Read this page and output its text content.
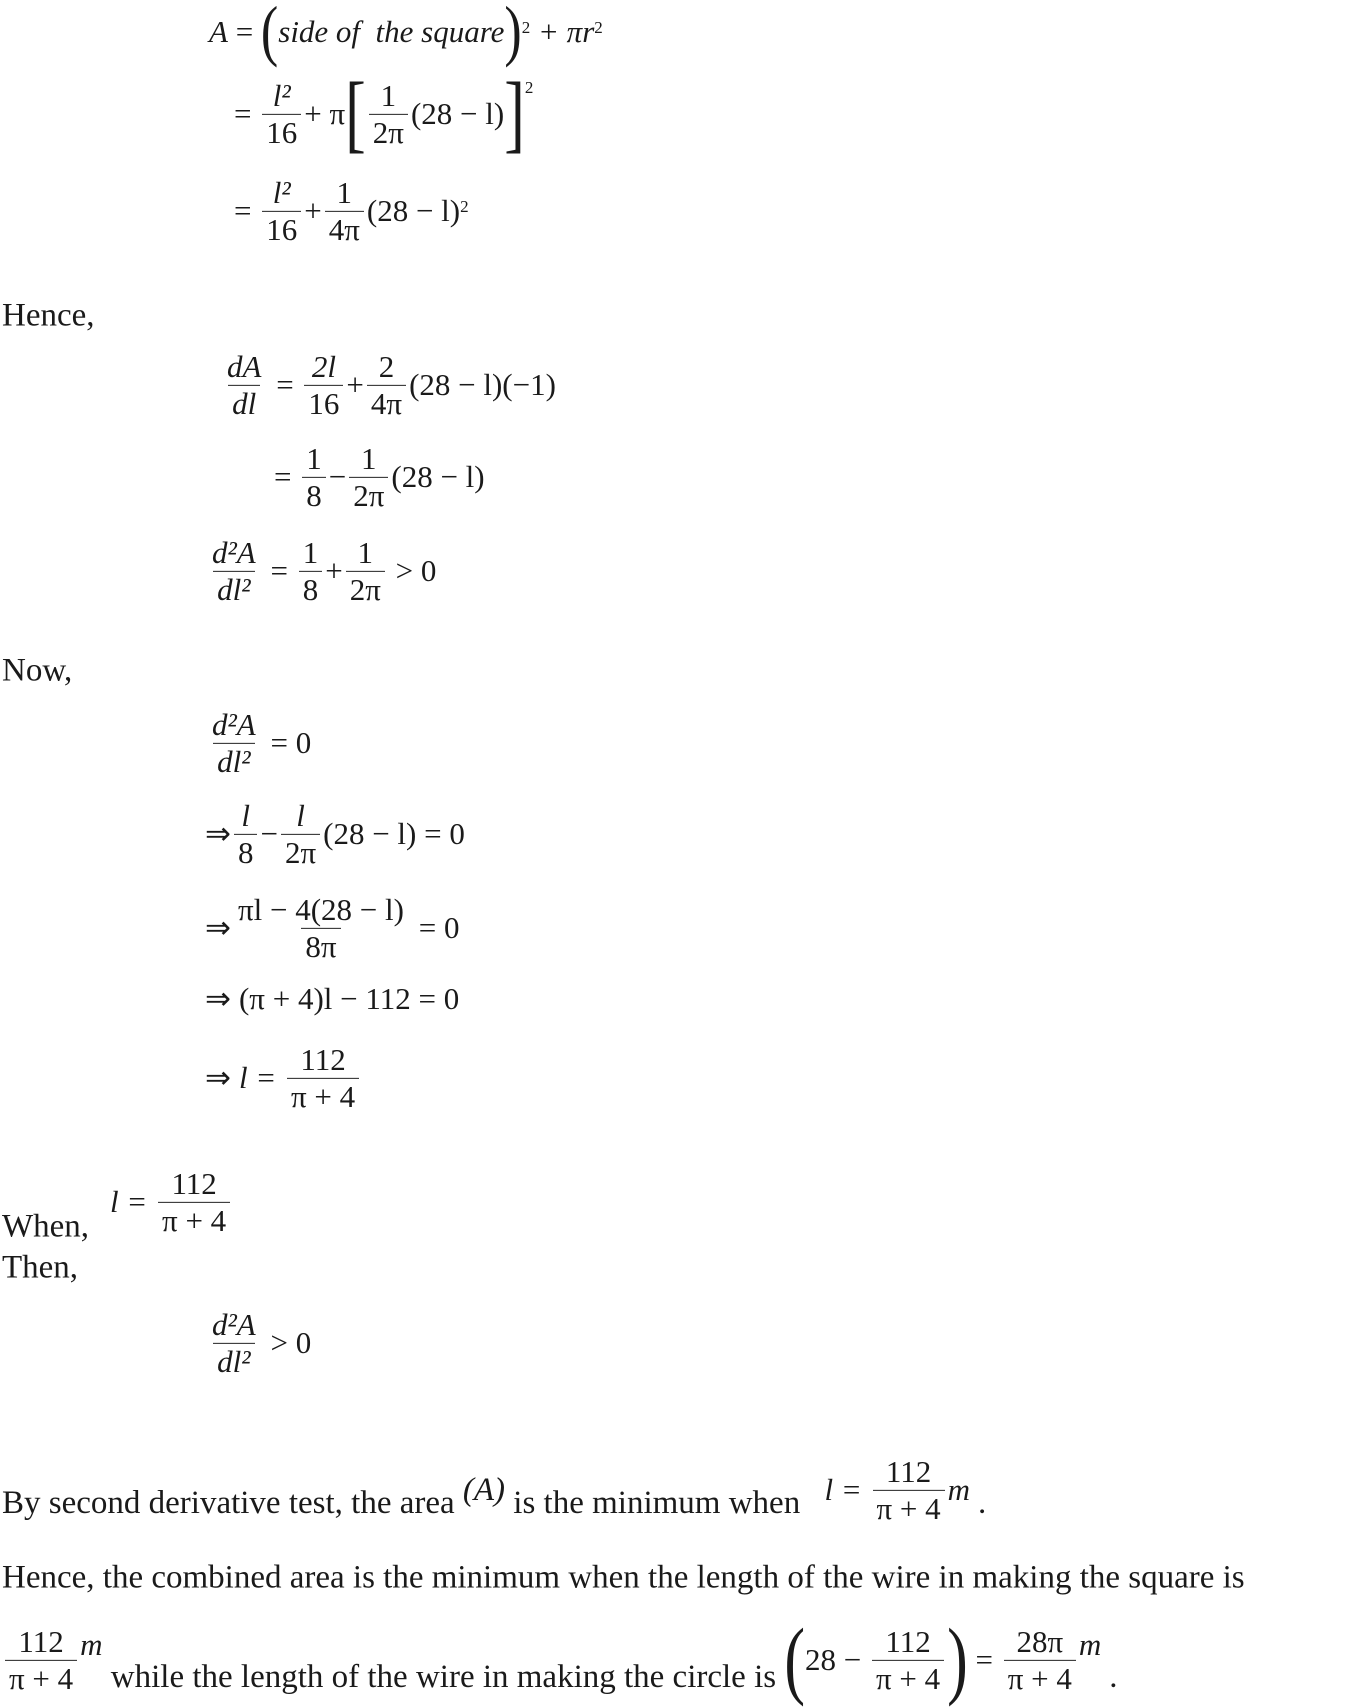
A = ( side of  the square )$^2 + \pi r^2$
= $\frac{\text{l²}}{16} + \pi$ [ $\frac{1}{2\pi} (28 - l)$ ]$^2$
= $\frac{\text{l²}}{16} + \frac{1}{4\pi} (28 - l)^2$
Hence,
$\frac{dA}{dl} = \frac{2l}{16} + \frac{2}{4\pi} (28 - l)(-1)$
= $\frac{1}{8} - \frac{1}{2\pi} (28 - l)$
$\frac{\text{d²A}}{\text{dl²}} = \frac{1}{8} + \frac{1}{2\pi} > 0$
Now,
$\frac{\text{d²A}}{\text{dl²}} = 0$
⇒ $\frac{l}{8} - \frac{l}{2\pi} (28 - l) = 0$
⇒ $\frac{\pi l - 4(28 - l)}{8\pi} = 0$
⇒ (π + 4)l − 112 = 0
⇒ $l = \frac{112}{\pi + 4}$
When,
$l = \frac{112}{\pi + 4}$
Then,
$\frac{\text{d²A}}{\text{dl²}} > 0$
By second derivative test, the area (A) is the minimum when $l = \frac{112}{\pi + 4}$ m .
Hence, the combined area is the minimum when the length of the wire in making the square is
$\frac{112}{\pi + 4}$ m
while the length of the wire in making the circle is ( $28 - \frac{112}{\pi + 4}$ ) = $\frac{28\pi}{\pi + 4}$ m
.
